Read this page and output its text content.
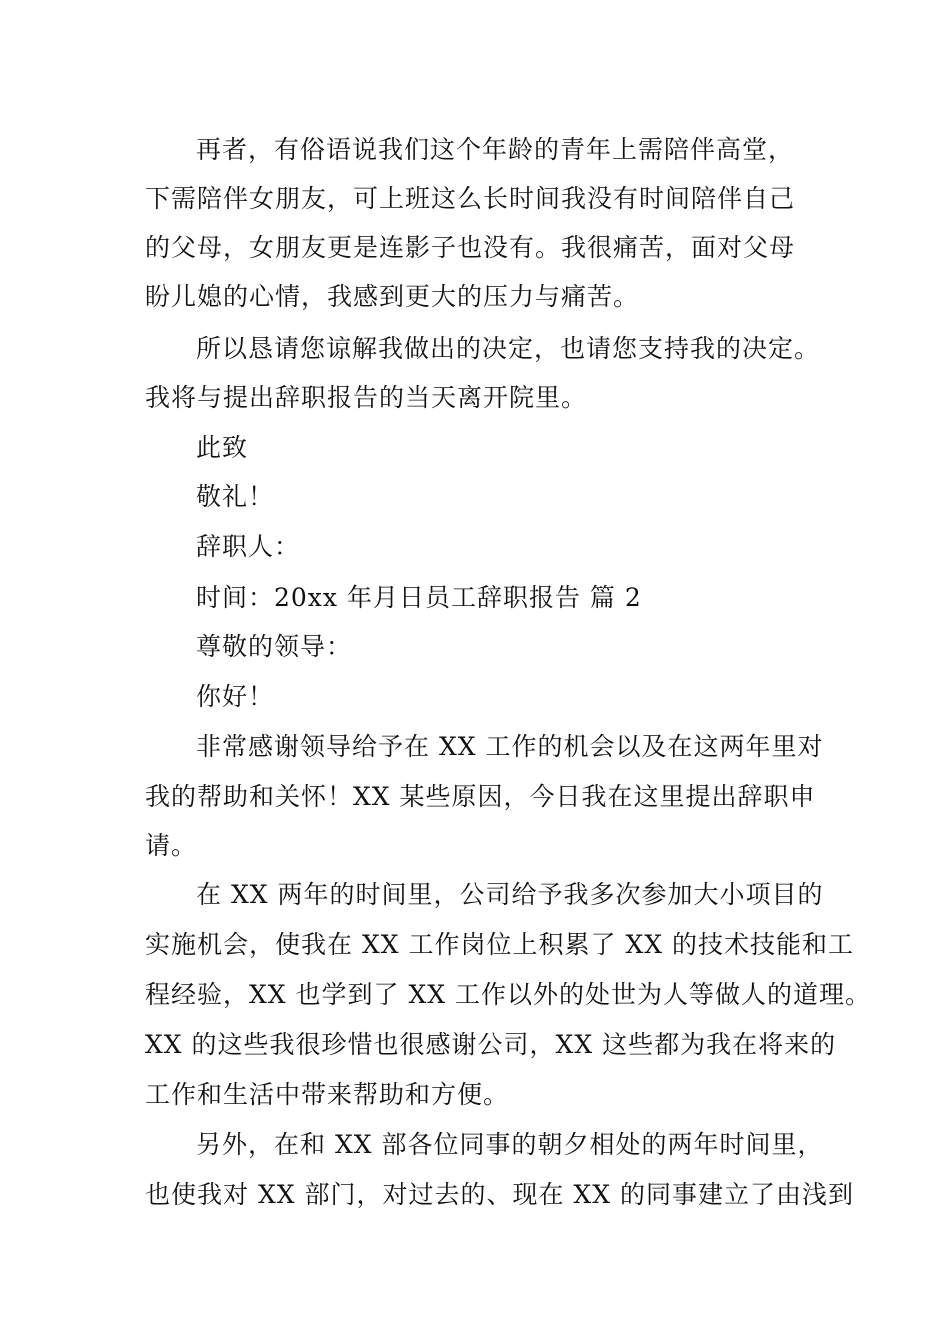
再者，有俗语说我们这个年龄的青年上需陪伴高堂，
下需陪伴女朋友，可上班这么长时间我没有时间陪伴自己
的父母，女朋友更是连影子也没有。我很痛苦，面对父母
盼儿媳的心情，我感到更大的压力与痛苦。
所以恳请您谅解我做出的决定，也请您支持我的决定。
我将与提出辞职报告的当天离开院里。
此致
敬礼！
辞职人：
时间：20xx 年月日员工辞职报告 篇 2
尊敬的领导：
你好！
非常感谢领导给予在 XX 工作的机会以及在这两年里对
我的帮助和关怀！XX 某些原因，今日我在这里提出辞职申
请。
在 XX 两年的时间里，公司给予我多次参加大小项目的
实施机会，使我在 XX 工作岗位上积累了 XX 的技术技能和工
程经验，XX 也学到了 XX 工作以外的处世为人等做人的道理。
XX 的这些我很珍惜也很感谢公司，XX 这些都为我在将来的
工作和生活中带来帮助和方便。
另外，在和 XX 部各位同事的朝夕相处的两年时间里，
也使我对 XX 部门，对过去的、现在 XX 的同事建立了由浅到
